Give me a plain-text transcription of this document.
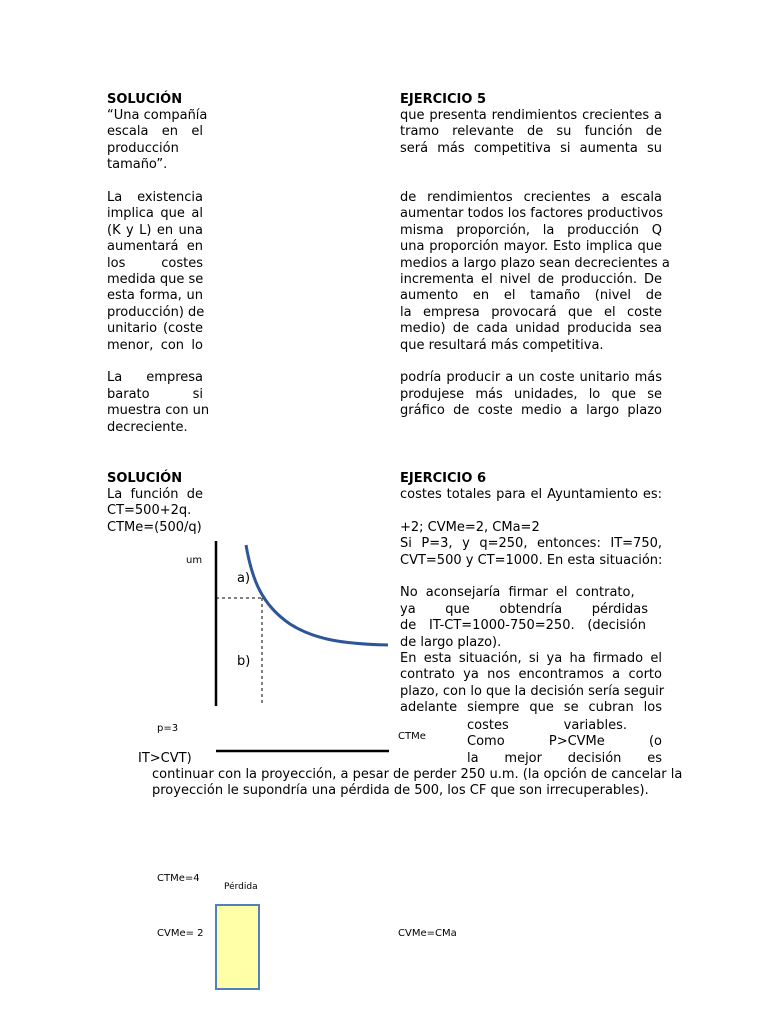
SOLUCIÓN	EJERCICIO 5
“Una compañía
escala en el
producción
tamaño”.
La existencia
implica que al
(K y L) en una
aumentará en
los costes
medida que se
esta forma, un
producción) de
unitario (coste
menor, con lo
La empresa
barato si
muestra con un
decreciente.
que presenta rendimientos crecientes a
tramo relevante de su función de
será más competitiva si aumenta su
de rendimientos crecientes a escala
aumentar todos los factores productivos
misma proporción, la producción Q
una proporción mayor. Esto implica que
medios a largo plazo sean decrecientes a
incrementa el nivel de producción. De
aumento en el tamaño (nivel de
la empresa provocará que el coste
medio) de cada unidad producida sea
que resultará más competitiva.
podría producir a un coste unitario más
produjese más unidades, lo que se
gráfico de coste medio a largo plazo
SOLUCIÓN	EJERCICIO 6
La función de
CT=500+2q.
CTMe=(500/q)
costes totales para el Ayuntamiento es:
+2; CVMe=2, CMa=2
Si P=3, y q=250, entonces: IT=750,
CVT=500 y CT=1000. En esta situación:
No aconsejaría firmar el contrato,
ya que obtendría pérdidas
de IT-CT=1000-750=250. (decisión
de largo plazo).
En esta situación, si ya ha firmado el
contrato ya nos encontramos a corto
plazo, con lo que la decisión sería seguir
adelante siempre que se cubran los
costes variables.
Como P>CVMe (o
la mejor decisión es
IT>CVT)
continuar con la proyección, a pesar de perder 250 u.m. (la opción de cancelar la
proyección le supondría una pérdida de 500, los CF que son irrecuperables).
um
a)
b)
p=3
CTMe
CTMe=4
Pérdida
CVMe= 2	CVMe=CMa
